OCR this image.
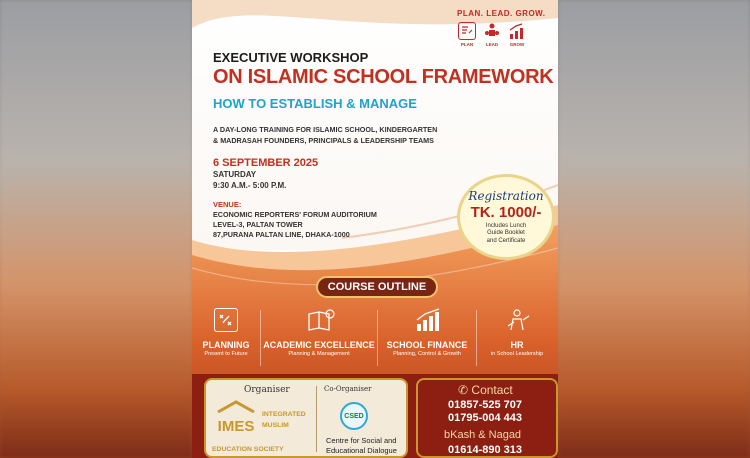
PLAN. LEAD. GROW.
PLAN	LEAD	GROW
EXECUTIVE WORKSHOP
ON ISLAMIC SCHOOL FRAMEWORK
HOW TO ESTABLISH & MANAGE
A DAY-LONG TRAINING FOR ISLAMIC SCHOOL, KINDERGARTEN
& MADRASAH FOUNDERS, PRINCIPALS & LEADERSHIP TEAMS
6 SEPTEMBER 2025
SATURDAY
9:30 A.M.- 5:00 P.M.
VENUE:
ECONOMIC REPORTERS' FORUM AUDITORIUM
LEVEL-3, PALTAN TOWER
87,PURANA PALTAN LINE, DHAKA-1000
Registration
TK. 1000/-
Includes Lunch
Guide Booklet
and Certificate
COURSE OUTLINE
PLANNING
Present to Future
ACADEMIC EXCELLENCE
Planning & Management
SCHOOL FINANCE
Planning, Control & Growth
HR
in School Leadership
Organiser	Co-Organiser
IMES
INTEGRATED
MUSLIM
EDUCATION SOCIETY
CSED
Centre for Social and
Educational Dialogue
✆ Contact
01857-525 707
01795-004 443
bKash & Nagad
01614-890 313
